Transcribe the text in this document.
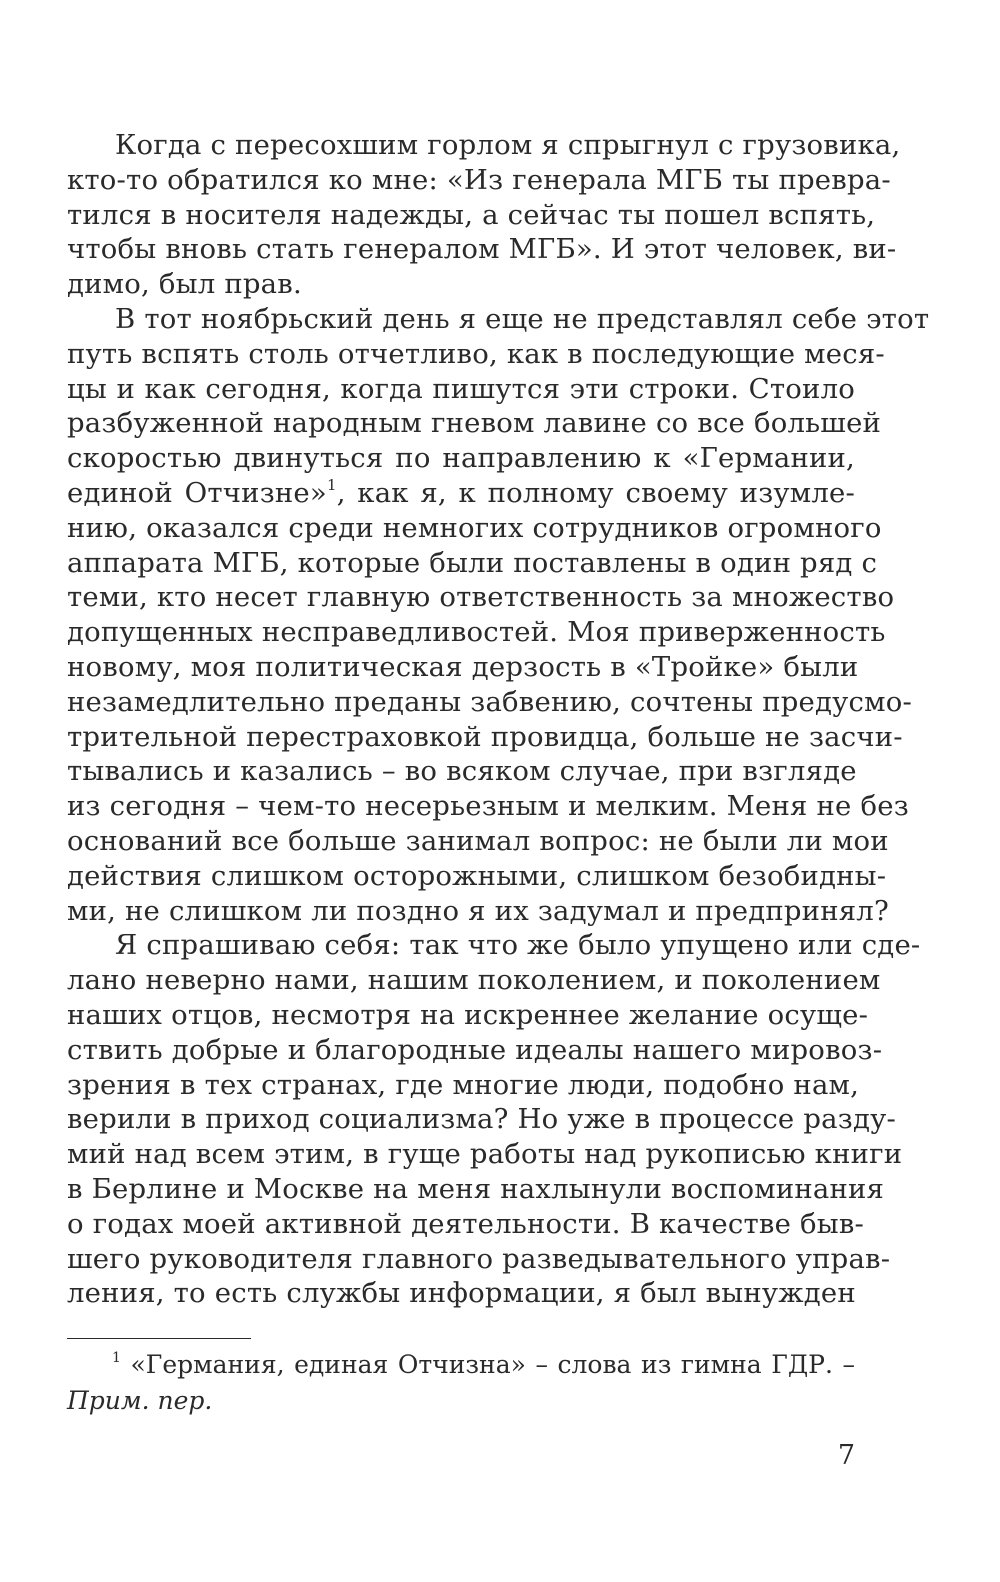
Когда с пересохшим горлом я спрыгнул с грузовика,
кто-то обратился ко мне: «Из генерала МГБ ты превра-
тился в носителя надежды, а сейчас ты пошел вспять,
чтобы вновь стать генералом МГБ». И этот человек, ви-
димо, был прав.
В тот ноябрьский день я еще не представлял себе этот
путь вспять столь отчетливо, как в последующие меся-
цы и как сегодня, когда пишутся эти строки. Стоило
разбуженной народным гневом лавине со все большей
скоростью двинуться по направлению к «Германии,
единой Отчизне»$^1$, как я, к полному своему изумле-
нию, оказался среди немногих сотрудников огромного
аппарата МГБ, которые были поставлены в один ряд с
теми, кто несет главную ответственность за множество
допущенных несправедливостей. Моя приверженность
новому, моя политическая дерзость в «Тройке» были
незамедлительно преданы забвению, сочтены предусмо-
трительной перестраховкой провидца, больше не засчи-
тывались и казались – во всяком случае, при взгляде
из сегодня – чем-то несерьезным и мелким. Меня не без
оснований все больше занимал вопрос: не были ли мои
действия слишком осторожными, слишком безобидны-
ми, не слишком ли поздно я их задумал и предпринял?
Я спрашиваю себя: так что же было упущено или сде-
лано неверно нами, нашим поколением, и поколением
наших отцов, несмотря на искреннее желание осуще-
ствить добрые и благородные идеалы нашего мировоз-
зрения в тех странах, где многие люди, подобно нам,
верили в приход социализма? Но уже в процессе разду-
мий над всем этим, в гуще работы над рукописью книги
в Берлине и Москве на меня нахлынули воспоминания
о годах моей активной деятельности. В качестве быв-
шего руководителя главного разведывательного управ-
ления, то есть службы информации, я был вынужден
$^1$ «Германия, единая Отчизна» – слова из гимна ГДР. –
Прим. пер.
7
